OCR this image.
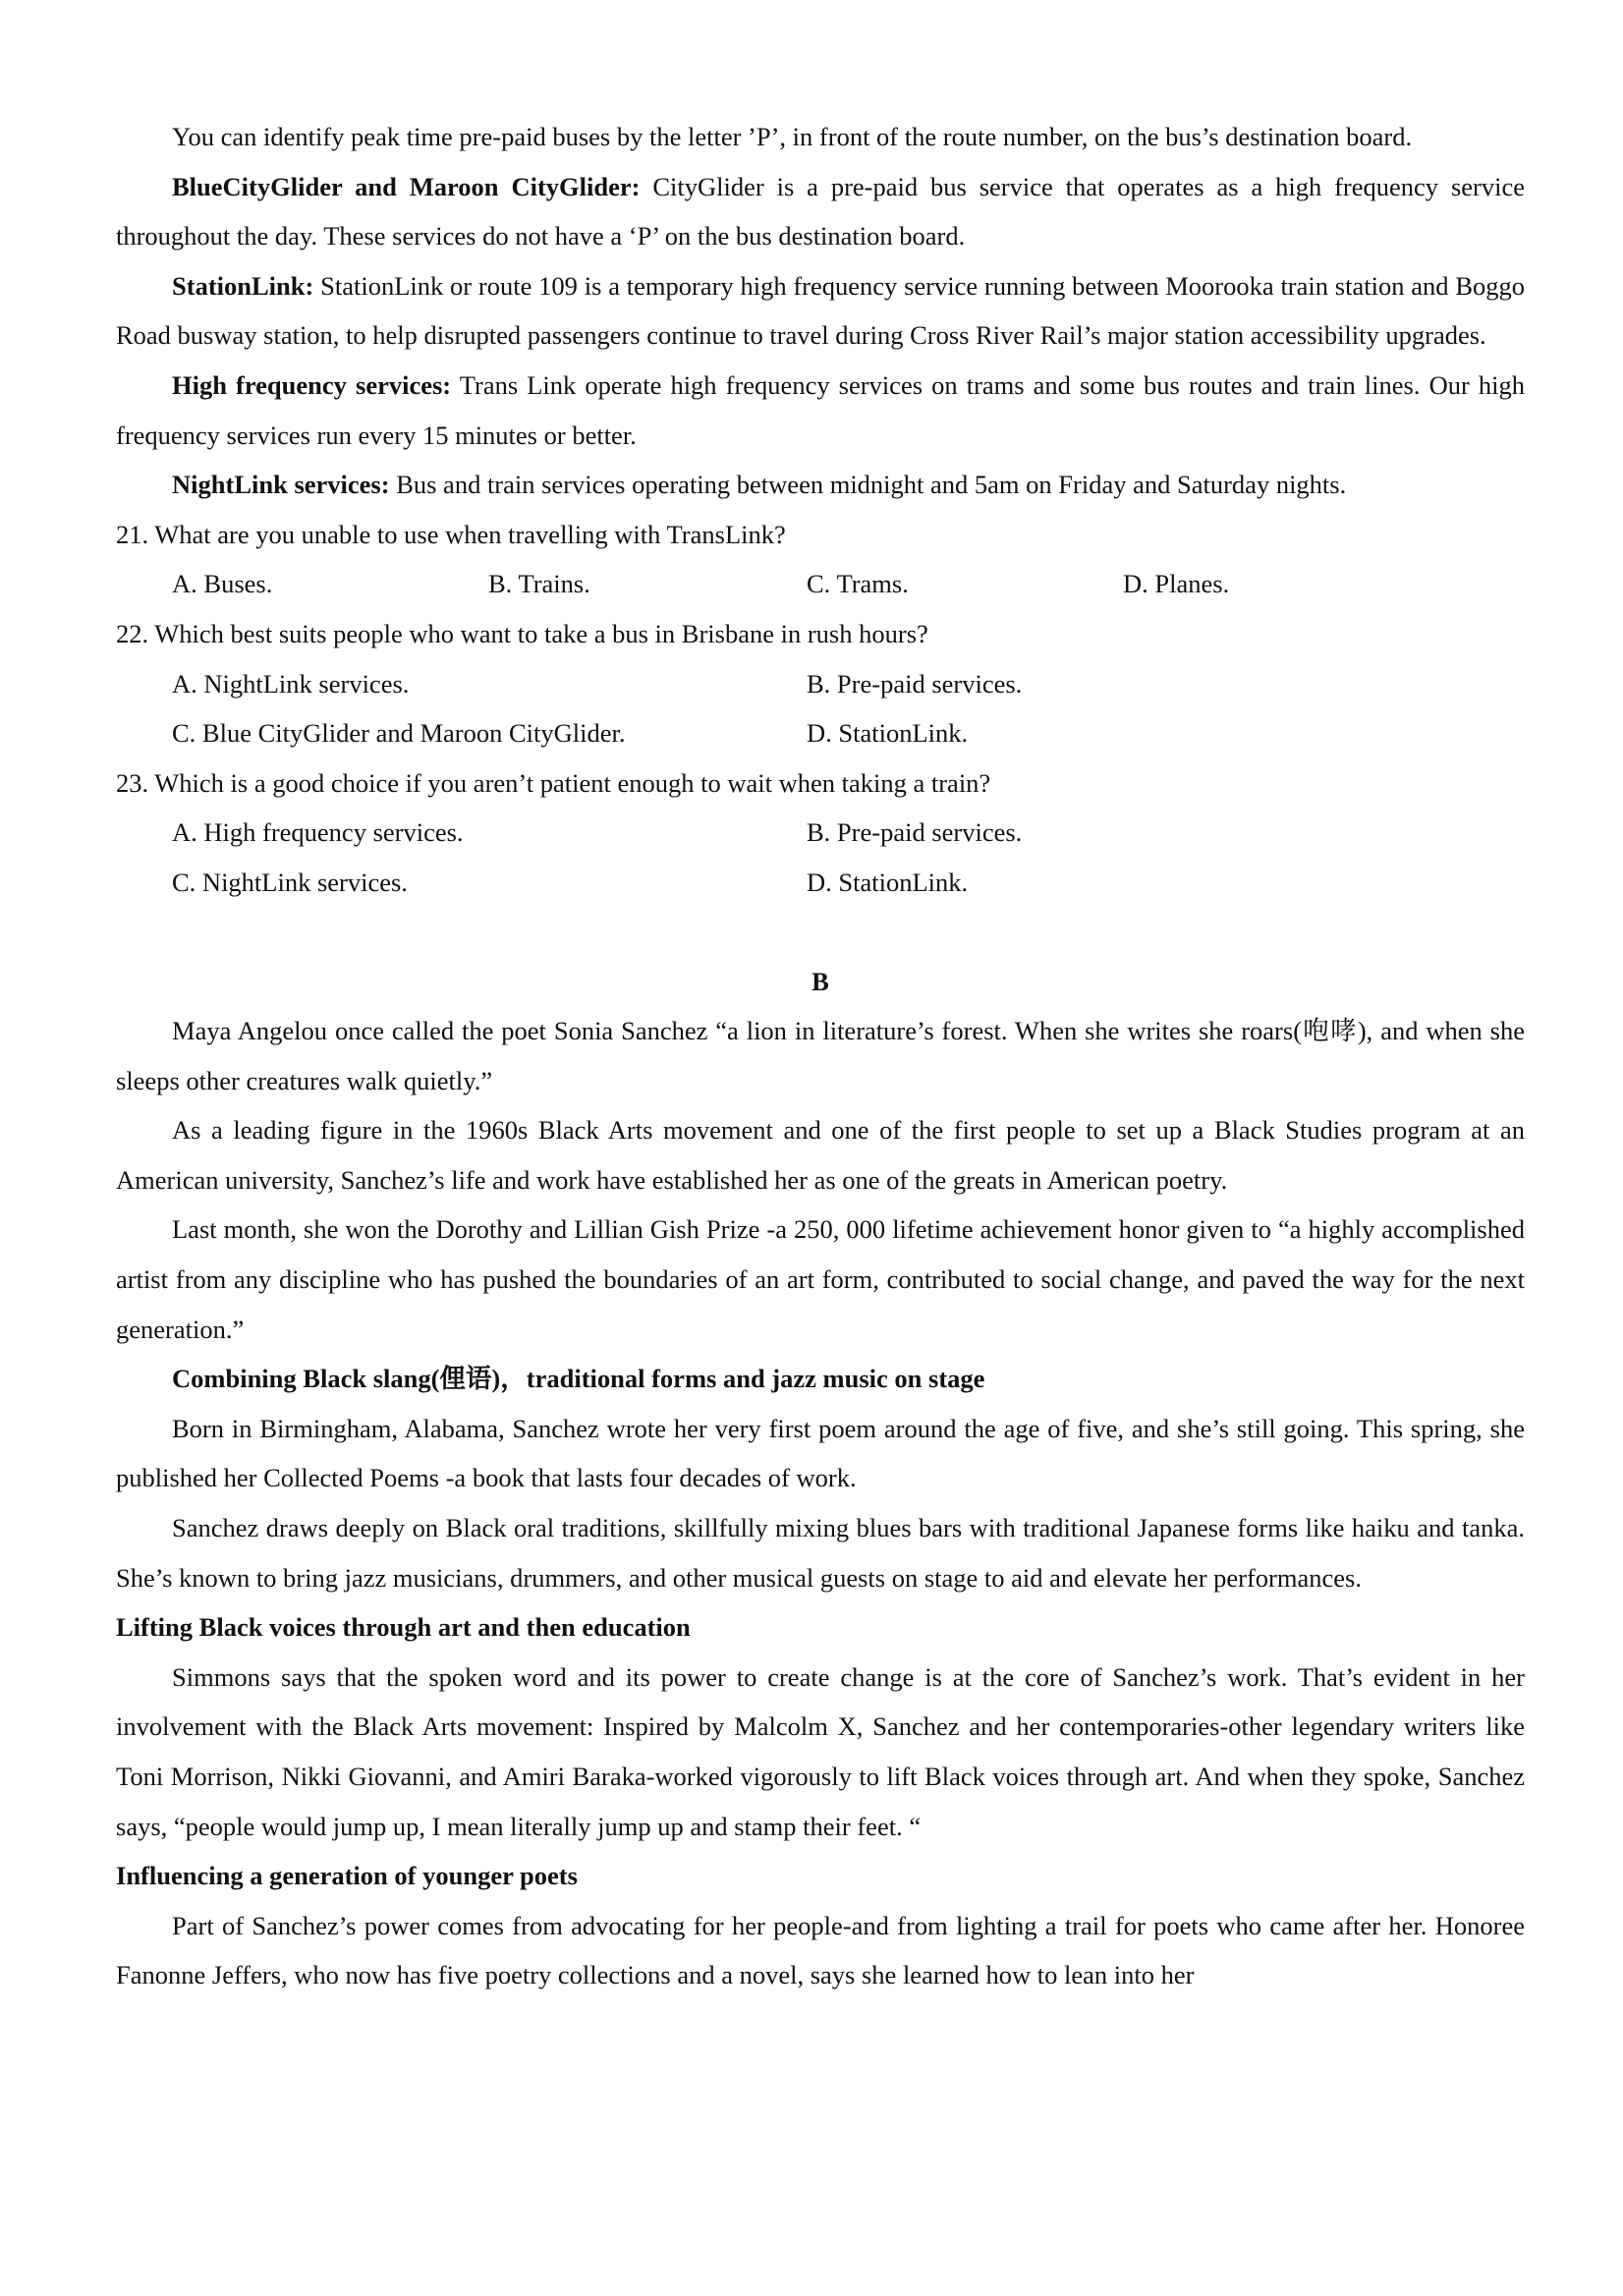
You can identify peak time pre-paid buses by the letter ’P’, in front of the route number, on the bus’s destination board.

BlueCityGlider and Maroon CityGlider: CityGlider is a pre-paid bus service that operates as a high frequency service throughout the day. These services do not have a ‘P’ on the bus destination board.

StationLink: StationLink or route 109 is a temporary high frequency service running between Moorooka train station and Boggo Road busway station, to help disrupted passengers continue to travel during Cross River Rail’s major station accessibility upgrades.

High frequency services: Trans Link operate high frequency services on trams and some bus routes and train lines. Our high frequency services run every 15 minutes or better.

NightLink services: Bus and train services operating between midnight and 5am on Friday and Saturday nights.

21. What are you unable to use when travelling with TransLink?

A. Buses.	B. Trains.	C. Trams.	D. Planes.

22. Which best suits people who want to take a bus in Brisbane in rush hours?

A. NightLink services.	B. Pre-paid services.
C. Blue CityGlider and Maroon CityGlider.	D. StationLink.

23. Which is a good choice if you aren’t patient enough to wait when taking a train?

A. High frequency services.	B. Pre-paid services.
C. NightLink services.	D. StationLink.

B

Maya Angelou once called the poet Sonia Sanchez “a lion in literature’s forest. When she writes she roars(咆哮), and when she sleeps other creatures walk quietly.”

As a leading figure in the 1960s Black Arts movement and one of the first people to set up a Black Studies program at an American university, Sanchez’s life and work have established her as one of the greats in American poetry.

Last month, she won the Dorothy and Lillian Gish Prize -a 250, 000 lifetime achievement honor given to “a highly accomplished artist from any discipline who has pushed the boundaries of an art form, contributed to social change, and paved the way for the next generation.”

Combining Black slang(俚语)，traditional forms and jazz music on stage

Born in Birmingham, Alabama, Sanchez wrote her very first poem around the age of five, and she’s still going. This spring, she published her Collected Poems -a book that lasts four decades of work.

Sanchez draws deeply on Black oral traditions, skillfully mixing blues bars with traditional Japanese forms like haiku and tanka. She’s known to bring jazz musicians, drummers, and other musical guests on stage to aid and elevate her performances.

Lifting Black voices through art and then education

Simmons says that the spoken word and its power to create change is at the core of Sanchez’s work. That’s evident in her involvement with the Black Arts movement: Inspired by Malcolm X, Sanchez and her contemporaries-other legendary writers like Toni Morrison, Nikki Giovanni, and Amiri Baraka-worked vigorously to lift Black voices through art. And when they spoke, Sanchez says, “people would jump up, I mean literally jump up and stamp their feet. “

Influencing a generation of younger poets

Part of Sanchez’s power comes from advocating for her people-and from lighting a trail for poets who came after her. Honoree Fanonne Jeffers, who now has five poetry collections and a novel, says she learned how to lean into her
